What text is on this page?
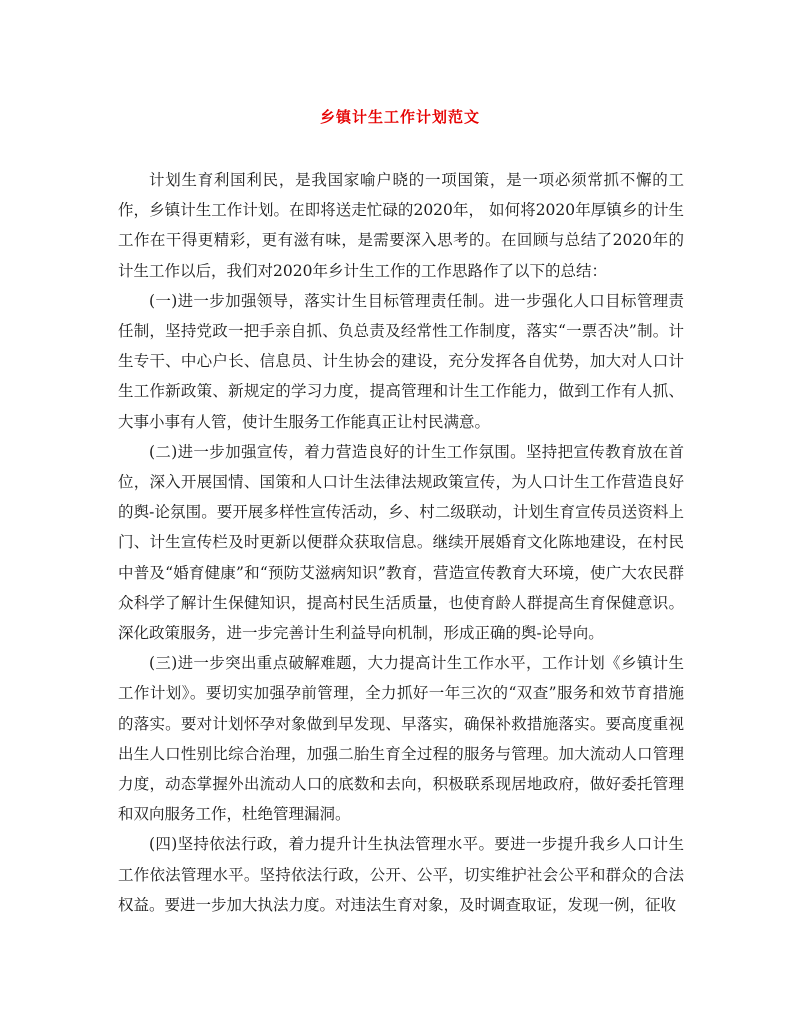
乡镇计生工作计划范文

计划生育利国利民，是我国家喻户晓的一项国策，是一项必须常抓不懈的工作，乡镇计生工作计划。在即将送走忙碌的2020年， 如何将2020年厚镇乡的计生工作在干得更精彩，更有滋有味，是需要深入思考的。在回顾与总结了2020年的计生工作以后，我们对2020年乡计生工作的工作思路作了以下的总结：

(一)进一步加强领导，落实计生目标管理责任制。进一步强化人口目标管理责任制，坚持党政一把手亲自抓、负总责及经常性工作制度，落实“一票否决”制。计生专干、中心户长、信息员、计生协会的建设，充分发挥各自优势，加大对人口计生工作新政策、新规定的学习力度，提高管理和计生工作能力，做到工作有人抓、大事小事有人管，使计生服务工作能真正让村民满意。

(二)进一步加强宣传，着力营造良好的计生工作氛围。坚持把宣传教育放在首位，深入开展国情、国策和人口计生法律法规政策宣传，为人口计生工作营造良好的舆-论氛围。要开展多样性宣传活动，乡、村二级联动，计划生育宣传员送资料上门、计生宣传栏及时更新以便群众获取信息。继续开展婚育文化陈地建设，在村民中普及“婚育健康”和“预防艾滋病知识”教育，营造宣传教育大环境，使广大农民群众科学了解计生保健知识，提高村民生活质量，也使育龄人群提高生育保健意识。深化政策服务，进一步完善计生利益导向机制，形成正确的舆-论导向。

(三)进一步突出重点破解难题，大力提高计生工作水平，工作计划《乡镇计生工作计划》。要切实加强孕前管理，全力抓好一年三次的“双查”服务和效节育措施的落实。要对计划怀孕对象做到早发现、早落实，确保补救措施落实。要高度重视出生人口性别比综合治理，加强二胎生育全过程的服务与管理。加大流动人口管理力度，动态掌握外出流动人口的底数和去向，积极联系现居地政府，做好委托管理和双向服务工作，杜绝管理漏洞。

(四)坚持依法行政，着力提升计生执法管理水平。要进一步提升我乡人口计生工作依法管理水平。坚持依法行政，公开、公平，切实维护社会公平和群众的合法权益。要进一步加大执法力度。对违法生育对象，及时调查取证，发现一例，征收
